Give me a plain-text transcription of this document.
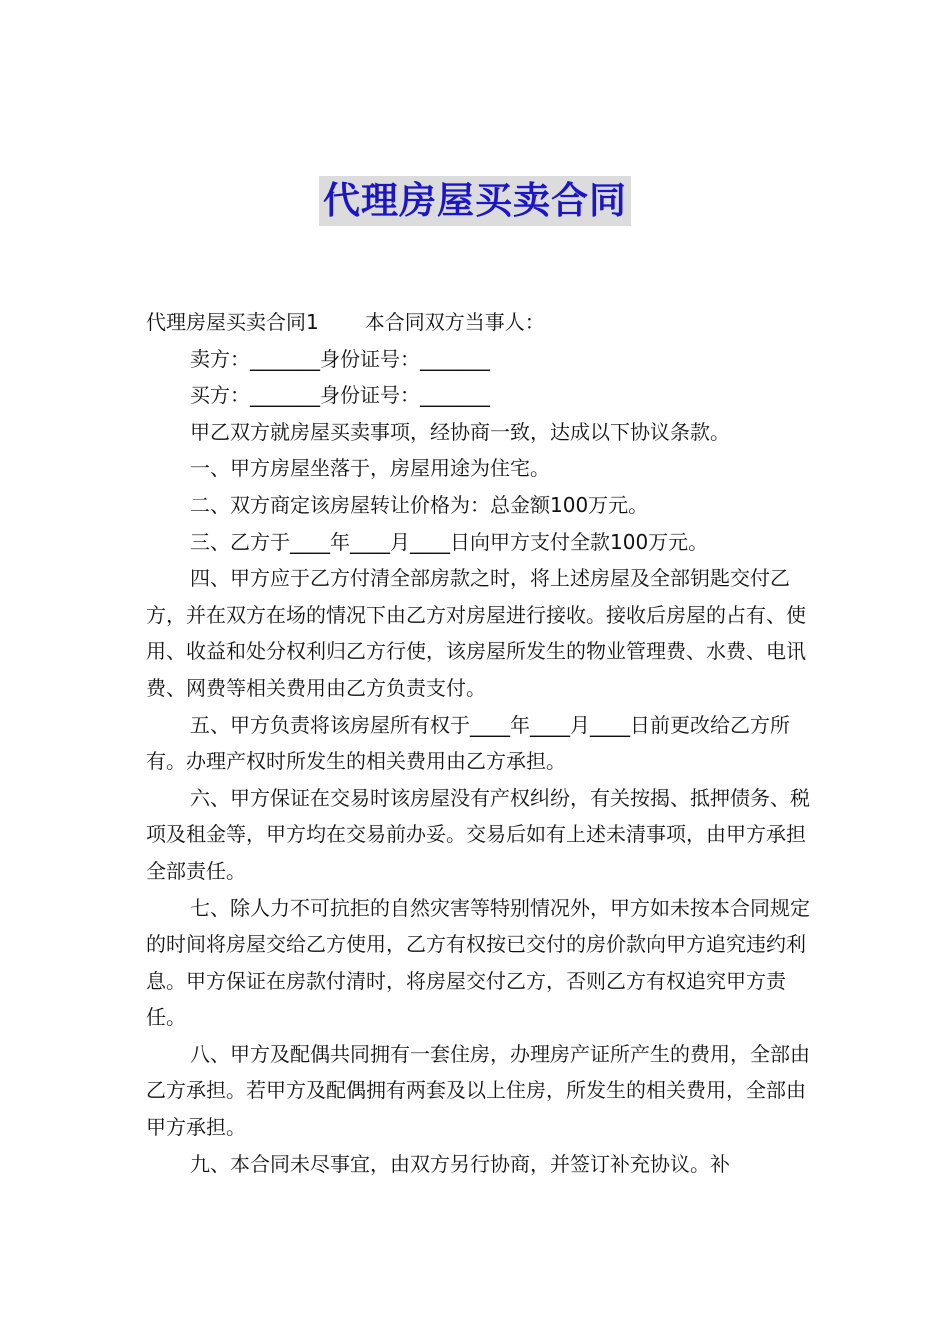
代理房屋买卖合同

代理房屋买卖合同1 本合同双方当事人：

卖方：_______身份证号：_______

买方：_______身份证号：_______

甲乙双方就房屋买卖事项，经协商一致，达成以下协议条款。

一、甲方房屋坐落于，房屋用途为住宅。

二、双方商定该房屋转让价格为：总金额100万元。

三、乙方于____年____月____日向甲方支付全款100万元。

四、甲方应于乙方付清全部房款之时，将上述房屋及全部钥匙交付乙方，并在双方在场的情况下由乙方对房屋进行接收。接收后房屋的占有、使用、收益和处分权利归乙方行使，该房屋所发生的物业管理费、水费、电讯费、网费等相关费用由乙方负责支付。

五、甲方负责将该房屋所有权于____年____月____日前更改给乙方所有。办理产权时所发生的相关费用由乙方承担。

六、甲方保证在交易时该房屋没有产权纠纷，有关按揭、抵押债务、税项及租金等，甲方均在交易前办妥。交易后如有上述未清事项，由甲方承担全部责任。

七、除人力不可抗拒的自然灾害等特别情况外，甲方如未按本合同规定的时间将房屋交给乙方使用，乙方有权按已交付的房价款向甲方追究违约利息。甲方保证在房款付清时，将房屋交付乙方，否则乙方有权追究甲方责任。

八、甲方及配偶共同拥有一套住房，办理房产证所产生的费用，全部由乙方承担。若甲方及配偶拥有两套及以上住房，所发生的相关费用，全部由甲方承担。

九、本合同未尽事宜，由双方另行协商，并签订补充协议。补
